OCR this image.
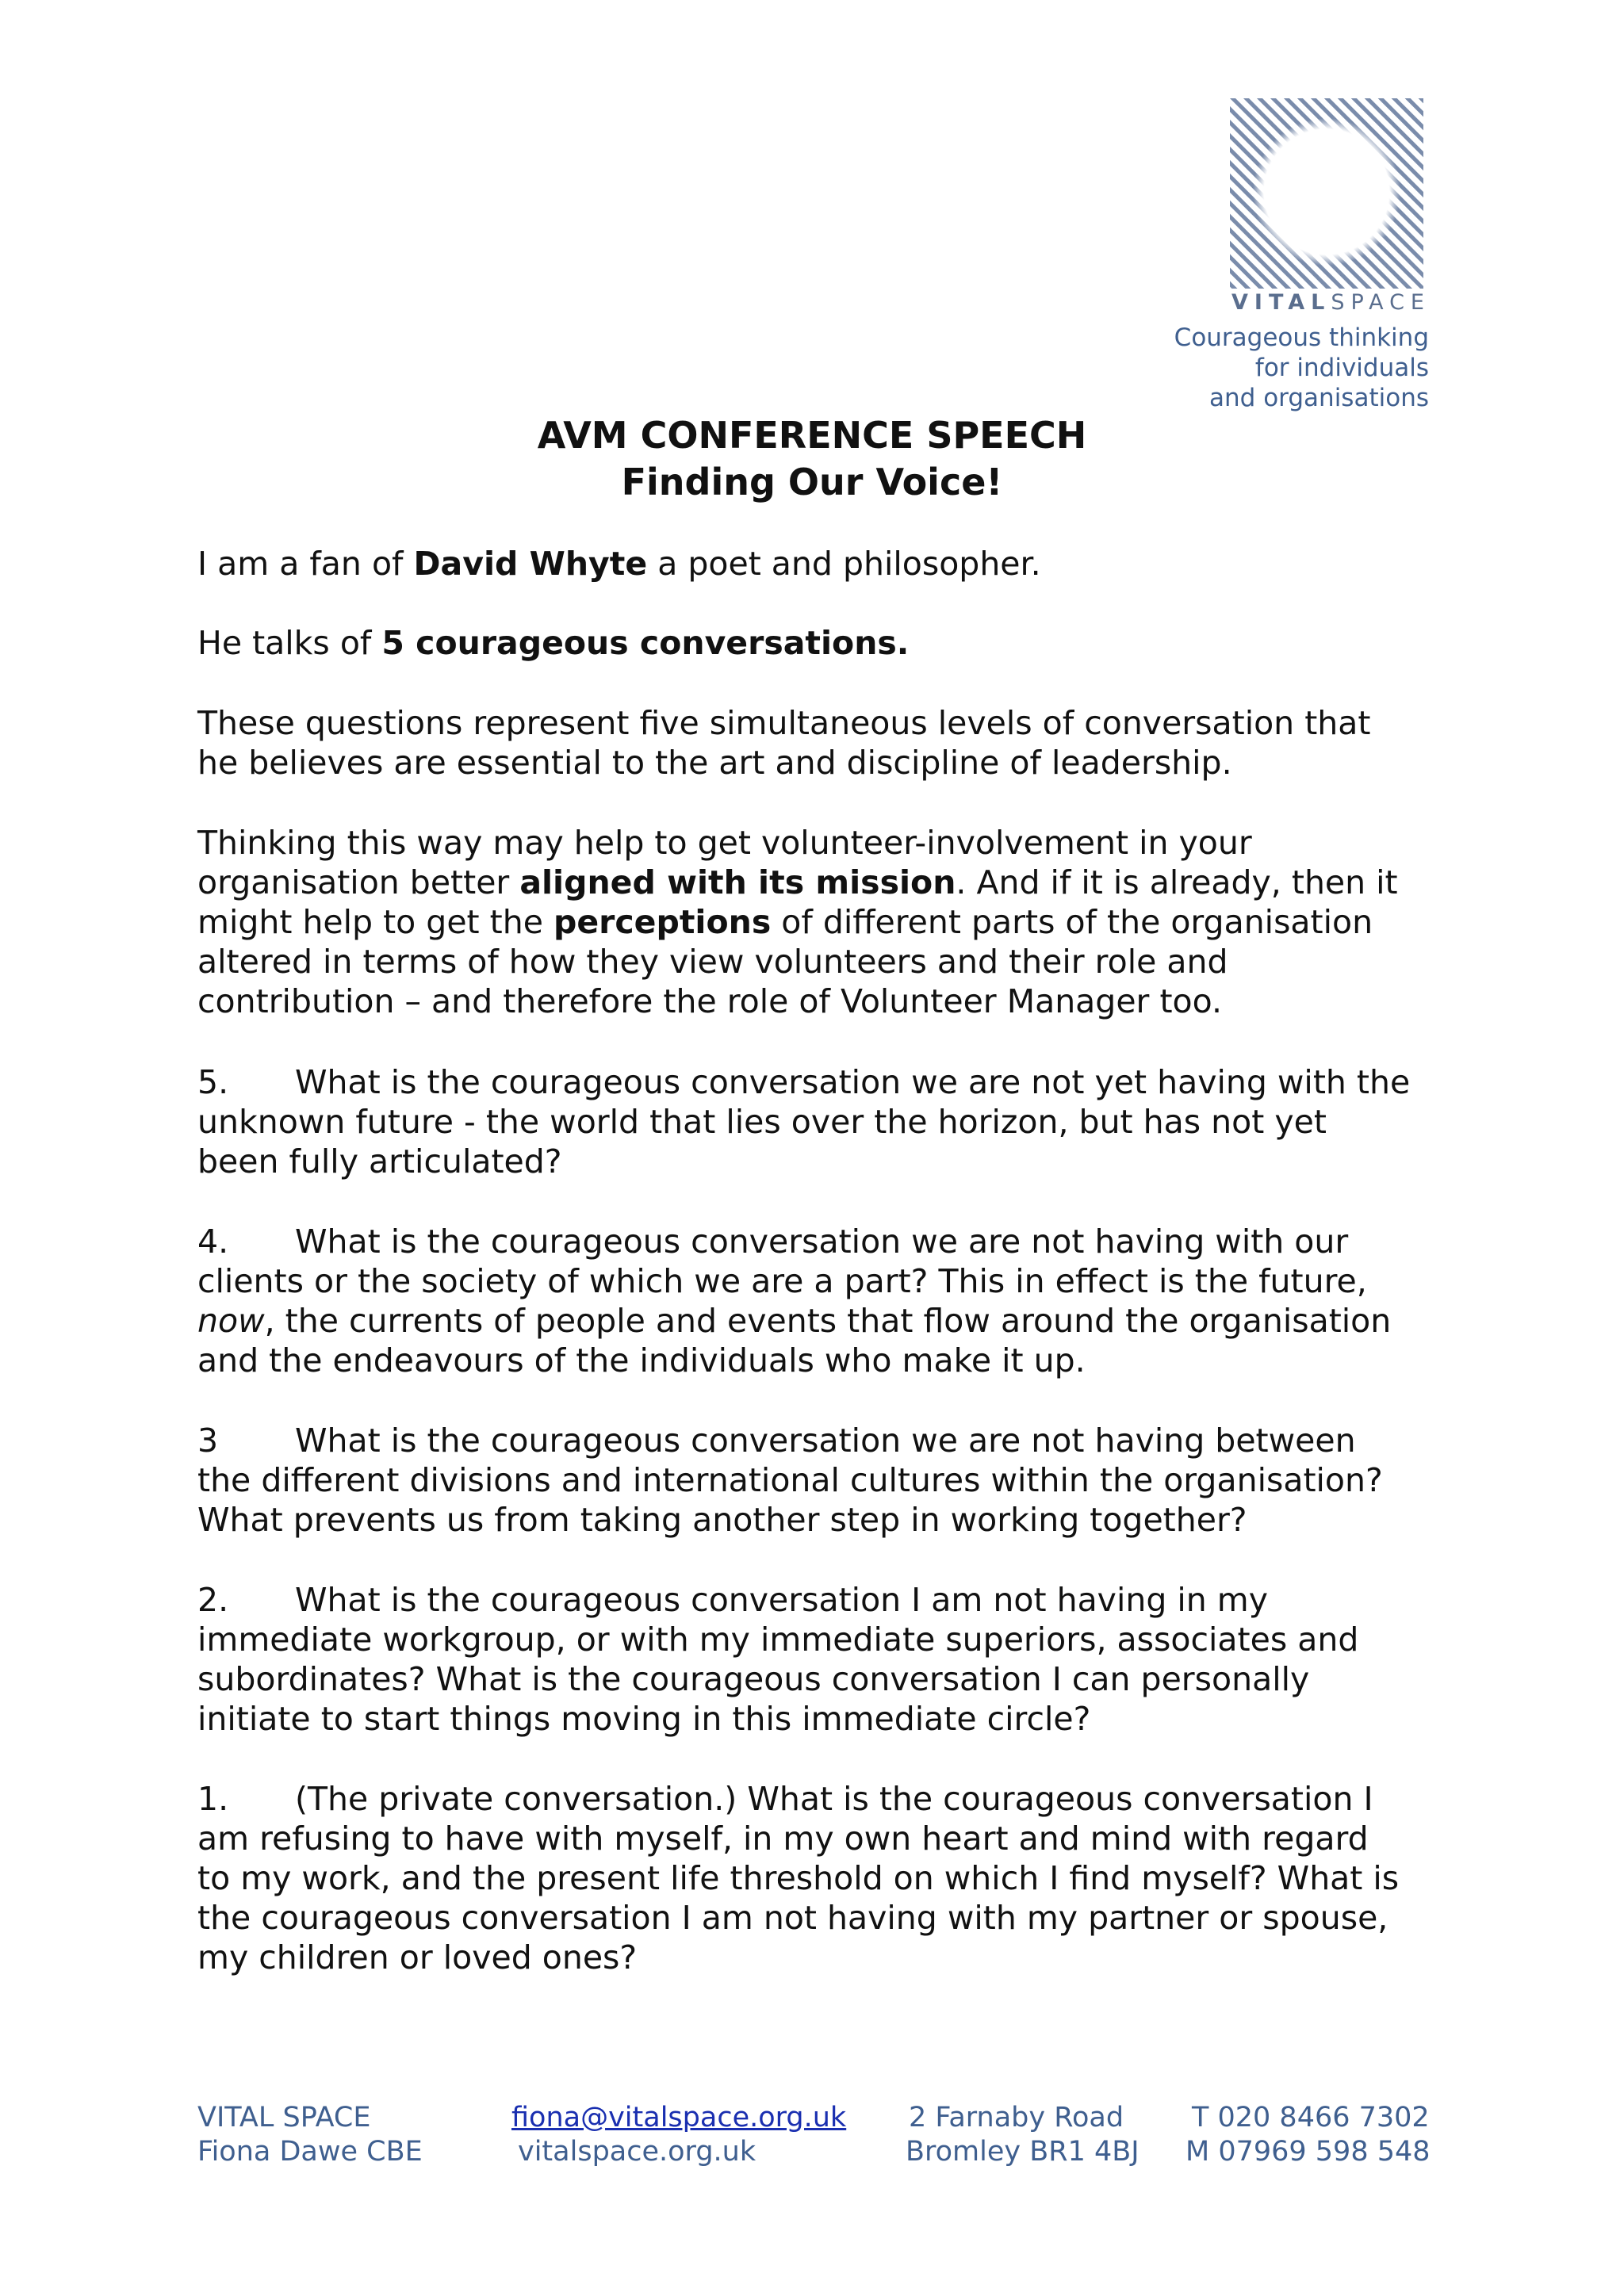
VITALSPACE
Courageous thinking
for individuals
and organisations
AVM CONFERENCE SPEECH
Finding Our Voice!

I am a fan of David Whyte a poet and philosopher.

He talks of 5 courageous conversations.

These questions represent five simultaneous levels of conversation that

he believes are essential to the art and discipline of leadership.

Thinking this way may help to get volunteer-involvement in your

organisation better aligned with its mission. And if it is already, then it

might help to get the perceptions of different parts of the organisation

altered in terms of how they view volunteers and their role and

contribution – and therefore the role of Volunteer Manager too.

5. What is the courageous conversation we are not yet having with the

unknown future - the world that lies over the horizon, but has not yet

been fully articulated?

4. What is the courageous conversation we are not having with our

clients or the society of which we are a part? This in effect is the future,

now, the currents of people and events that flow around the organisation

and the endeavours of the individuals who make it up.

3 What is the courageous conversation we are not having between

the different divisions and international cultures within the organisation?

What prevents us from taking another step in working together?

2. What is the courageous conversation I am not having in my

immediate workgroup, or with my immediate superiors, associates and

subordinates? What is the courageous conversation I can personally

initiate to start things moving in this immediate circle?

1. (The private conversation.) What is the courageous conversation I

am refusing to have with myself, in my own heart and mind with regard

to my work, and the present life threshold on which I find myself? What is

the courageous conversation I am not having with my partner or spouse,

my children or loved ones?

VITAL SPACE
Fiona Dawe CBE
fiona@vitalspace.org.uk
vitalspace.org.uk
2 Farnaby Road
Bromley BR1 4BJ
T 020 8466 7302
M 07969 598 548
